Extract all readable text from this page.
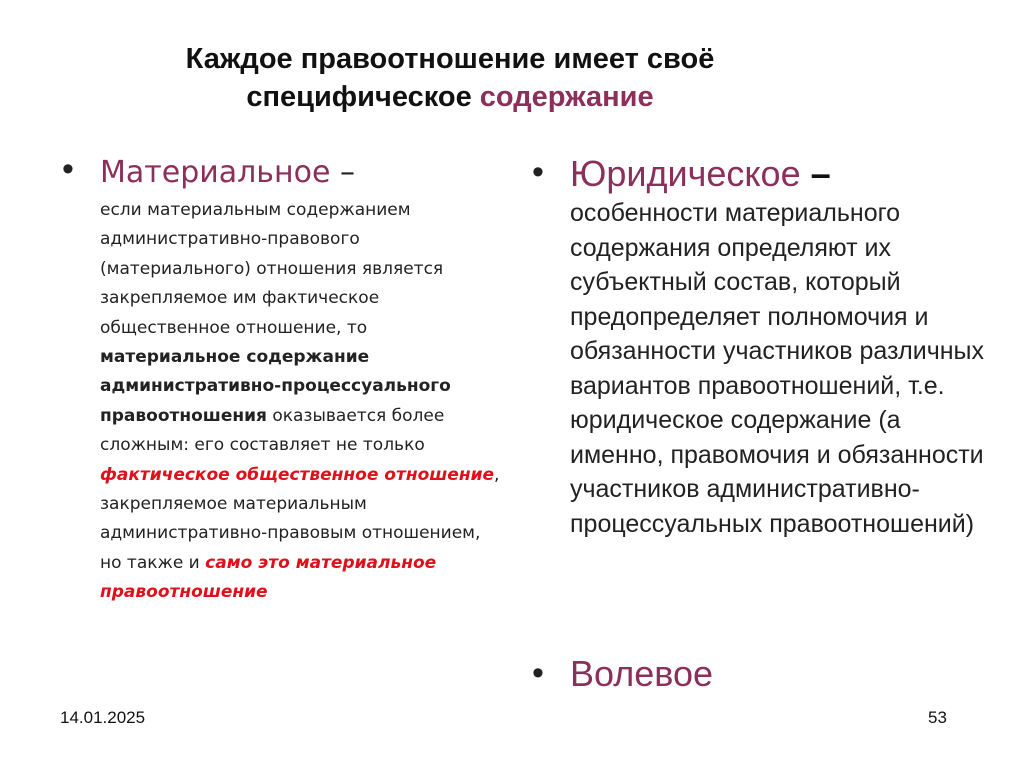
Каждое правоотношение имеет своё
специфическое содержание
• Материальное –
если материальным содержанием административно-правового (материального) отношения является закрепляемое им фактическое общественное отношение, то материальное содержание административно-процессуального правоотношения оказывается более сложным: его составляет не только фактическое общественное отношение, закрепляемое материальным административно-правовым отношением, но также и само это материальное правоотношение
• Юридическое –
особенности материального содержания определяют их субъектный состав, который предопределяет полномочия и обязанности участников различных вариантов правоотношений, т.е. юридическое содержание (а именно, правомочия и обязанности участников административно-процессуальных правоотношений)
• Волевое
14.01.2025	53
